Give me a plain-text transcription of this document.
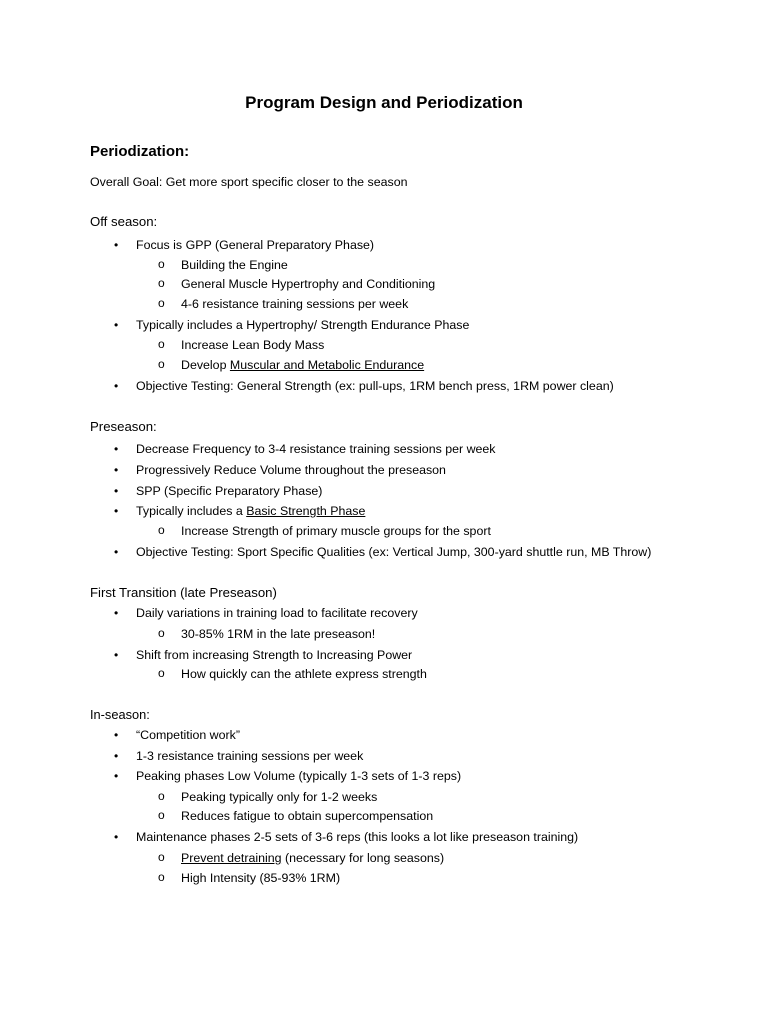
Program Design and Periodization
Periodization:
Overall Goal: Get more sport specific closer to the season
Off season:
• Focus is GPP (General Preparatory Phase)
o Building the Engine
o General Muscle Hypertrophy and Conditioning
o 4-6 resistance training sessions per week
• Typically includes a Hypertrophy/ Strength Endurance Phase
o Increase Lean Body Mass
o Develop Muscular and Metabolic Endurance
• Objective Testing: General Strength (ex: pull-ups, 1RM bench press, 1RM power clean)
Preseason:
• Decrease Frequency to 3-4 resistance training sessions per week
• Progressively Reduce Volume throughout the preseason
• SPP (Specific Preparatory Phase)
• Typically includes a Basic Strength Phase
o Increase Strength of primary muscle groups for the sport
• Objective Testing: Sport Specific Qualities (ex: Vertical Jump, 300-yard shuttle run, MB Throw)
First Transition (late Preseason)
• Daily variations in training load to facilitate recovery
o 30-85% 1RM in the late preseason!
• Shift from increasing Strength to Increasing Power
o How quickly can the athlete express strength
In-season:
• “Competition work”
• 1-3 resistance training sessions per week
• Peaking phases Low Volume (typically 1-3 sets of 1-3 reps)
o Peaking typically only for 1-2 weeks
o Reduces fatigue to obtain supercompensation
• Maintenance phases 2-5 sets of 3-6 reps (this looks a lot like preseason training)
o Prevent detraining (necessary for long seasons)
o High Intensity (85-93% 1RM)
